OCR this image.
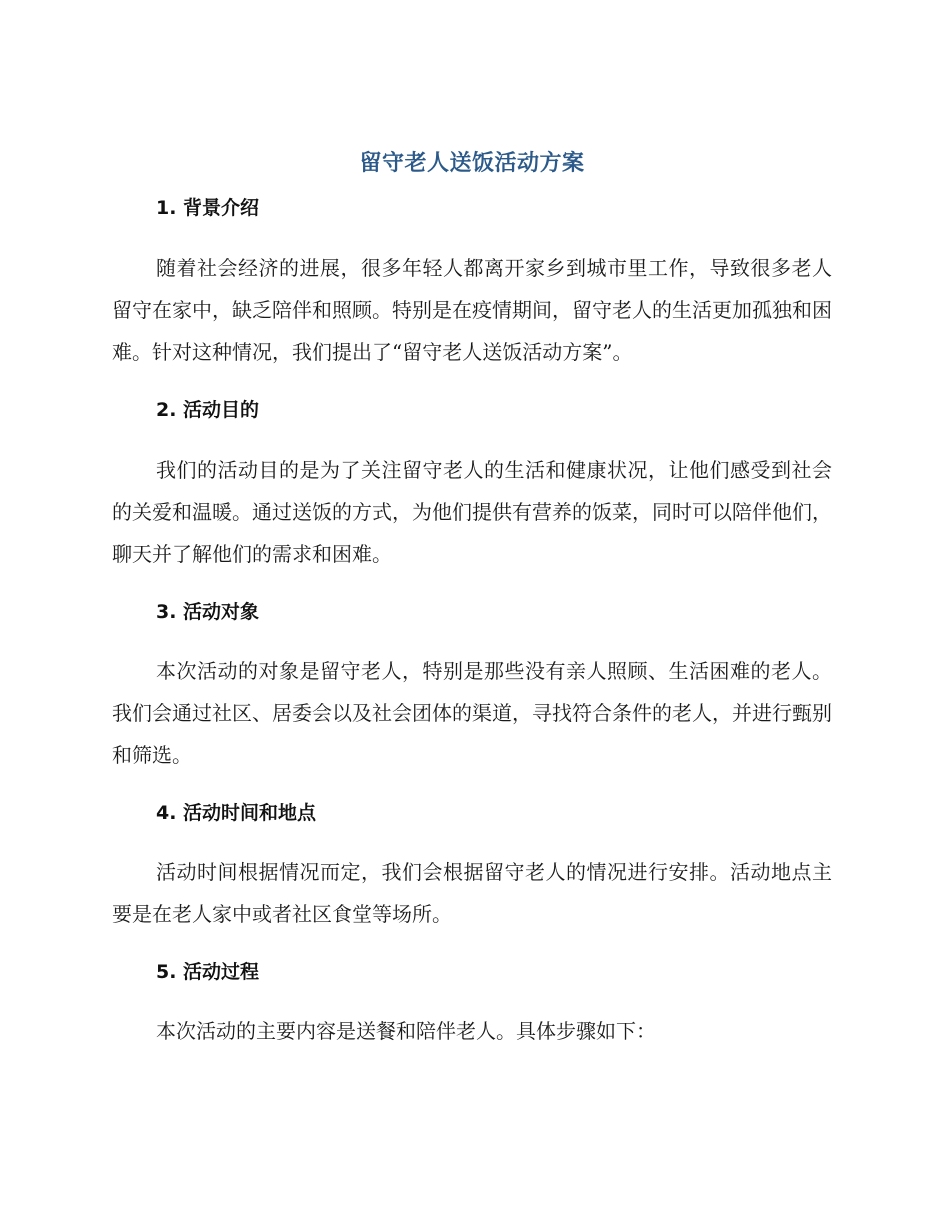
留守老人送饭活动方案
1. 背景介绍

随着社会经济的进展，很多年轻人都离开家乡到城市里工作，导致很多老人留守在家中，缺乏陪伴和照顾。特别是在疫情期间，留守老人的生活更加孤独和困难。针对这种情况，我们提出了“留守老人送饭活动方案”。

2. 活动目的

我们的活动目的是为了关注留守老人的生活和健康状况，让他们感受到社会的关爱和温暖。通过送饭的方式，为他们提供有营养的饭菜，同时可以陪伴他们，聊天并了解他们的需求和困难。

3. 活动对象

本次活动的对象是留守老人，特别是那些没有亲人照顾、生活困难的老人。我们会通过社区、居委会以及社会团体的渠道，寻找符合条件的老人，并进行甄别和筛选。

4. 活动时间和地点

活动时间根据情况而定，我们会根据留守老人的情况进行安排。活动地点主要是在老人家中或者社区食堂等场所。

5. 活动过程

本次活动的主要内容是送餐和陪伴老人。具体步骤如下：
